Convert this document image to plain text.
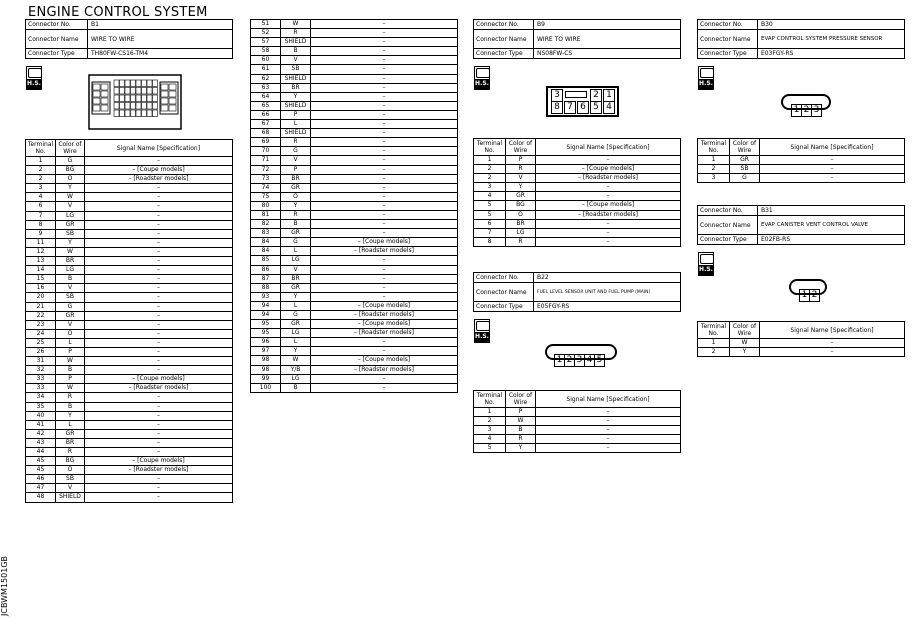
ENGINE CONTROL SYSTEM
JCBWM1501GB
Connector No.	B1
Connector Name	WIRE TO WIRE
Connector Type	TH80FW-CS16-TM4
H.S.
Terminal No.	Color of Wire	Signal Name [Specification]
1	G	–
2	BG	– [Coupe models]
2	O	– [Roadster models]
3	Y	–
4	W	–
6	V	–
7	LG	–
8	GR	–
9	SB	–
11	Y	–
12	W	–
13	BR	–
14	LG	–
15	B	–
16	V	–
20	SB	–
21	G	–
22	GR	–
23	V	–
24	O	–
25	L	–
26	P	–
31	W	–
32	B	–
33	P	– [Coupe models]
33	W	– [Roadster models]
34	R	–
35	B	–
40	Y	–
41	L	–
42	GR	–
43	BR	–
44	R	–
45	BG	– [Coupe models]
45	O	– [Roadster models]
46	SB	–
47	V	–
48	SHIELD	–
51	W	–
52	R	–
57	SHIELD	–
58	B	–
60	V	–
61	SB	–
62	SHIELD	–
63	BR	–
64	Y	–
65	SHIELD	–
66	P	–
67	L	–
68	SHIELD	–
69	R	–
70	G	–
71	V	–
72	P	–
73	BR	–
74	GR	–
75	O	–
80	Y	–
81	R	–
82	B	–
83	GR	–
84	G	– [Coupe models]
84	L	– [Roadster models]
85	LG	–
86	V	–
87	BR	–
88	GR	–
93	Y	–
94	L	– [Coupe models]
94	G	– [Roadster models]
95	GR	– [Coupe models]
95	LG	– [Roadster models]
96	L	–
97	Y	–
98	W	– [Coupe models]
98	Y/B	– [Roadster models]
99	LG	–
100	B	–
Connector No.	B9
Connector Name	WIRE TO WIRE
Connector Type	NS08FW-CS
H.S.
3	2 1
8 7 6 5 4
Terminal No.	Color of Wire	Signal Name [Specification]
1	P	–
2	R	– [Coupe models]
2	V	– [Roadster models]
3	Y	–
4	GR	–
5	BG	– [Coupe models]
5	O	– [Roadster models]
6	BR	–
7	LG	–
8	R	–
Connector No.	B22
Connector Name	FUEL LEVEL SENSOR UNIT AND FUEL PUMP (MAIN)
Connector Type	E05FGY-RS
H.S.
1 2 3 4 5
Terminal No.	Color of Wire	Signal Name [Specification]
1	P	–
2	W	–
3	B	–
4	R	–
5	Y	–
Connector No.	B30
Connector Name	EVAP CONTROL SYSTEM PRESSURE SENSOR
Connector Type	E03FGY-RS
H.S.
1 2 3
Terminal No.	Color of Wire	Signal Name [Specification]
1	GR	–
2	SB	–
3	G	–
Connector No.	B31
Connector Name	EVAP CANISTER VENT CONTROL VALVE
Connector Type	E02FB-RS
H.S.
1 2
Terminal No.	Color of Wire	Signal Name [Specification]
1	W	–
2	Y	–
